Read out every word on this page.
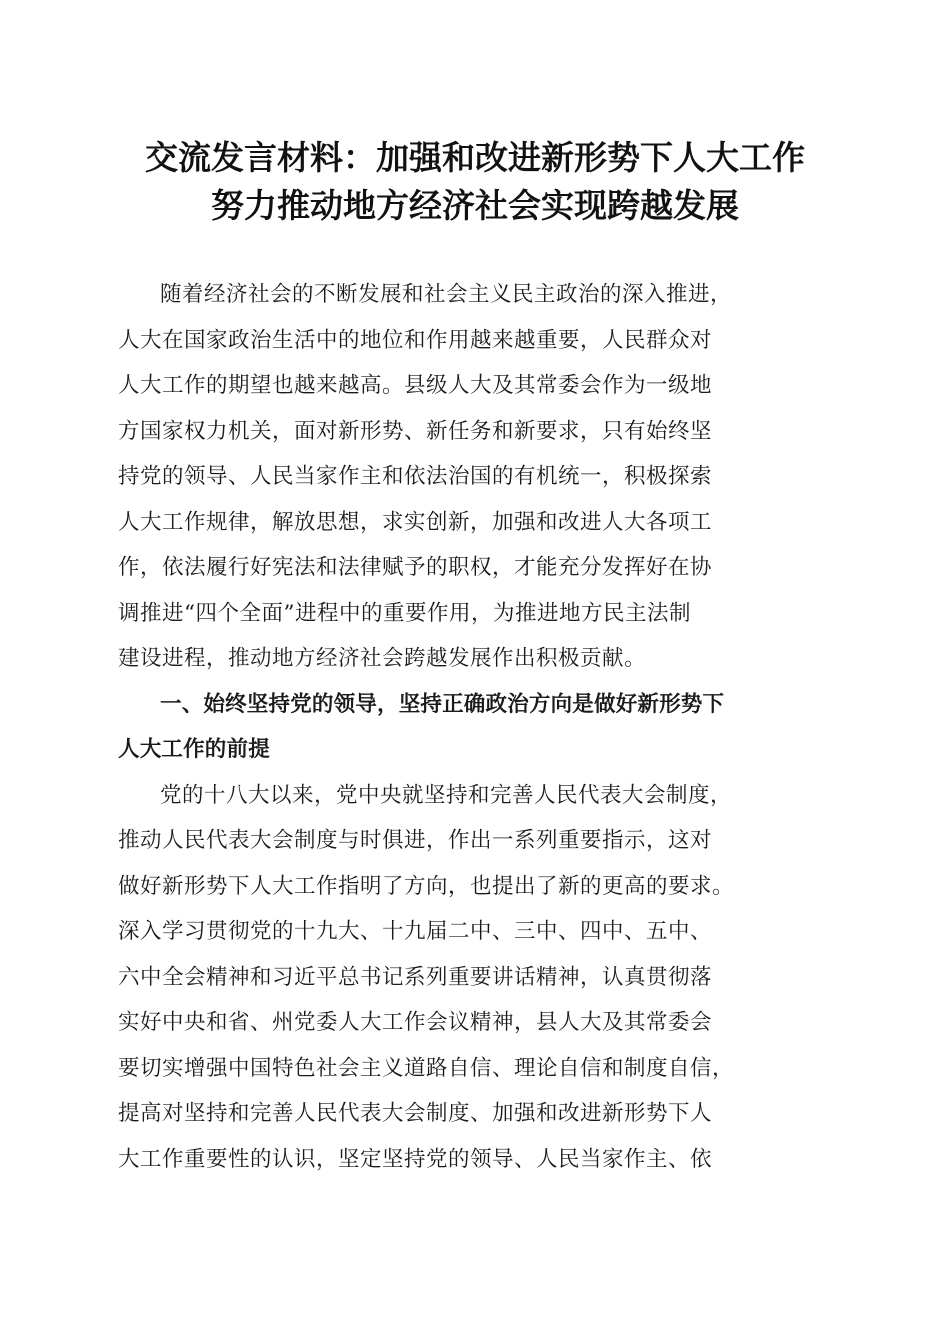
交流发言材料：加强和改进新形势下人大工作
努力推动地方经济社会实现跨越发展
随着经济社会的不断发展和社会主义民主政治的深入推进，
人大在国家政治生活中的地位和作用越来越重要，人民群众对
人大工作的期望也越来越高。县级人大及其常委会作为一级地
方国家权力机关，面对新形势、新任务和新要求，只有始终坚
持党的领导、人民当家作主和依法治国的有机统一，积极探索
人大工作规律，解放思想，求实创新，加强和改进人大各项工
作，依法履行好宪法和法律赋予的职权，才能充分发挥好在协
调推进“四个全面”进程中的重要作用，为推进地方民主法制
建设进程，推动地方经济社会跨越发展作出积极贡献。
一、始终坚持党的领导，坚持正确政治方向是做好新形势下
人大工作的前提
党的十八大以来，党中央就坚持和完善人民代表大会制度，
推动人民代表大会制度与时俱进，作出一系列重要指示，这对
做好新形势下人大工作指明了方向，也提出了新的更高的要求。
深入学习贯彻党的十九大、十九届二中、三中、四中、五中、
六中全会精神和习近平总书记系列重要讲话精神，认真贯彻落
实好中央和省、州党委人大工作会议精神，县人大及其常委会
要切实增强中国特色社会主义道路自信、理论自信和制度自信，
提高对坚持和完善人民代表大会制度、加强和改进新形势下人
大工作重要性的认识，坚定坚持党的领导、人民当家作主、依
